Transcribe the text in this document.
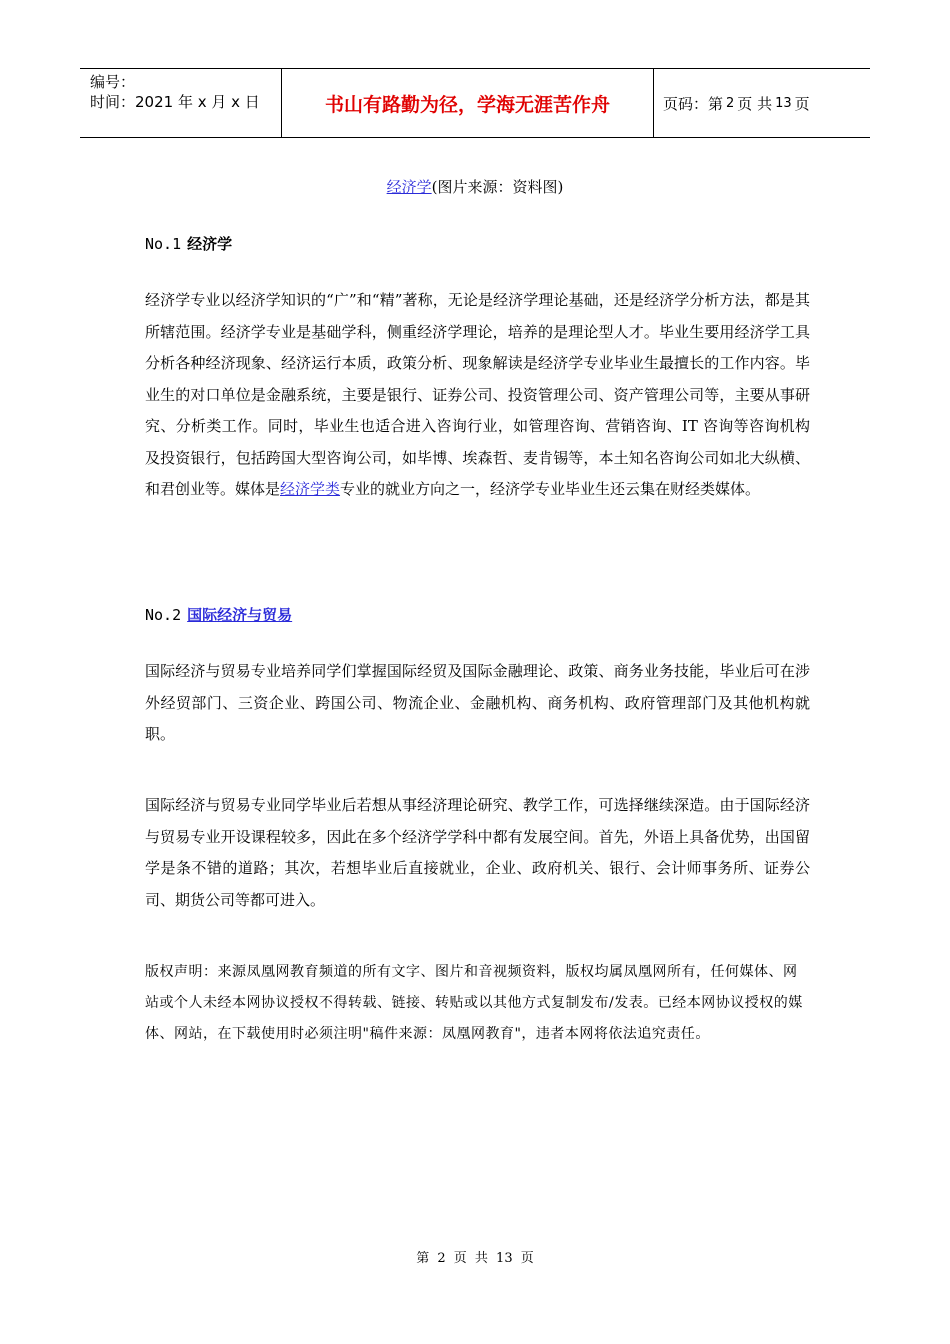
编号：
时间：2021 年 x 月 x 日	书山有路勤为径，学海无涯苦作舟	页码：第 2 页 共 13 页
经济学(图片来源：资料图)
No.1 经济学
经济学专业以经济学知识的“广”和“精”著称，无论是经济学理论基础，还是经济学分析方法，都是其所辖范围。经济学专业是基础学科，侧重经济学理论，培养的是理论型人才。毕业生要用经济学工具分析各种经济现象、经济运行本质，政策分析、现象解读是经济学专业毕业生最擅长的工作内容。毕业生的对口单位是金融系统，主要是银行、证券公司、投资管理公司、资产管理公司等，主要从事研究、分析类工作。同时，毕业生也适合进入咨询行业，如管理咨询、营销咨询、IT 咨询等咨询机构及投资银行，包括跨国大型咨询公司，如毕博、埃森哲、麦肯锡等，本土知名咨询公司如北大纵横、和君创业等。媒体是经济学类专业的就业方向之一，经济学专业毕业生还云集在财经类媒体。
No.2 国际经济与贸易
国际经济与贸易专业培养同学们掌握国际经贸及国际金融理论、政策、商务业务技能，毕业后可在涉外经贸部门、三资企业、跨国公司、物流企业、金融机构、商务机构、政府管理部门及其他机构就职。
国际经济与贸易专业同学毕业后若想从事经济理论研究、教学工作，可选择继续深造。由于国际经济与贸易专业开设课程较多，因此在多个经济学学科中都有发展空间。首先，外语上具备优势，出国留学是条不错的道路；其次，若想毕业后直接就业，企业、政府机关、银行、会计师事务所、证券公司、期货公司等都可进入。
版权声明：来源凤凰网教育频道的所有文字、图片和音视频资料，版权均属凤凰网所有，任何媒体、网站或个人未经本网协议授权不得转载、链接、转贴或以其他方式复制发布/发表。已经本网协议授权的媒体、网站，在下载使用时必须注明"稿件来源：凤凰网教育"，违者本网将依法追究责任。
第 2 页 共 13 页
